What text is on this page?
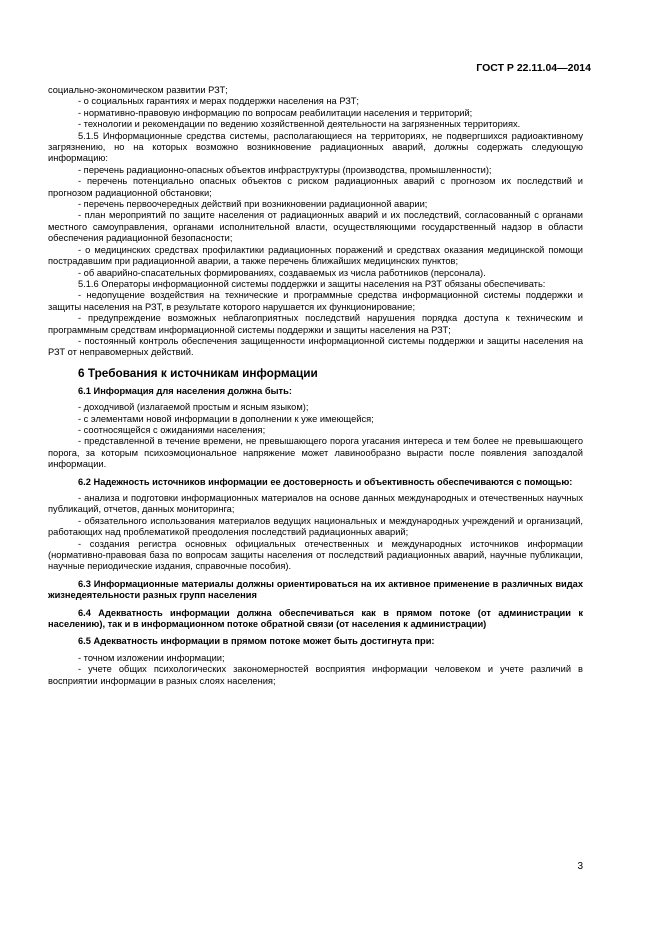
ГОСТ Р 22.11.04—2014

социально-экономическом развитии РЗТ;

- о социальных гарантиях и мерах поддержки населения на РЗТ;

- нормативно-правовую информацию по вопросам реабилитации населения и территорий;

- технологии и рекомендации по ведению хозяйственной деятельности на загрязненных территориях.

5.1.5 Информационные средства системы, располагающиеся на территориях, не подвергшихся радиоактивному загрязнению, но на которых возможно возникновение радиационных аварий, должны содержать следующую информацию:

- перечень радиационно-опасных объектов инфраструктуры (производства, промышленности);

- перечень потенциально опасных объектов с риском радиационных аварий с прогнозом их последствий и прогнозом радиационной обстановки;

- перечень первоочередных действий при возникновении радиационной аварии;

- план мероприятий по защите населения от радиационных аварий и их последствий, согласованный с органами местного самоуправления, органами исполнительной власти, осуществляющими государственный надзор в области обеспечения радиационной безопасности;

- о медицинских средствах профилактики радиационных поражений и средствах оказания медицинской помощи пострадавшим при радиационной аварии, а также перечень ближайших медицинских пунктов;

- об аварийно-спасательных формированиях, создаваемых из числа работников (персонала).

5.1.6 Операторы информационной системы поддержки и защиты населения на РЗТ обязаны обеспечивать:

- недопущение воздействия на технические и программные средства информационной системы поддержки и защиты населения на РЗТ, в результате которого нарушается их функционирование;

- предупреждение возможных неблагоприятных последствий нарушения порядка доступа к техническим и программным средствам информационной системы поддержки и защиты населения на РЗТ;

- постоянный контроль обеспечения защищенности информационной системы поддержки и защиты населения на РЗТ от неправомерных действий.

6 Требования к источникам информации

6.1 Информация для населения должна быть:

- доходчивой (излагаемой простым и ясным языком);

- с элементами новой информации в дополнении к уже имеющейся;

- соотносящейся с ожиданиями населения;

- представленной в течение времени, не превышающего порога угасания интереса и тем более не превышающего порога, за которым психоэмоциональное напряжение может лавинообразно вырасти после появления запоздалой информации.

6.2 Надежность источников информации ее достоверность и объективность обеспечиваются с помощью:

- анализа и подготовки информационных материалов на основе данных международных и отечественных научных публикаций, отчетов, данных мониторинга;

- обязательного использования материалов ведущих национальных и международных учреждений и организаций, работающих над проблематикой преодоления последствий радиационных аварий;

- создания регистра основных официальных отечественных и международных источников информации (нормативно-правовая база по вопросам защиты населения от последствий радиационных аварий, научные публикации, научные периодические издания, справочные пособия).

6.3 Информационные материалы должны ориентироваться на их активное применение в различных видах жизнедеятельности разных групп населения

6.4 Адекватность информации должна обеспечиваться как в прямом потоке (от администрации к населению), так и в информационном потоке обратной связи (от населения к администрации)

6.5 Адекватность информации в прямом потоке может быть достигнута при:

- точном изложении информации;

- учете общих психологических закономерностей восприятия информации человеком и учете различий в восприятии информации в разных слоях населения;

3
